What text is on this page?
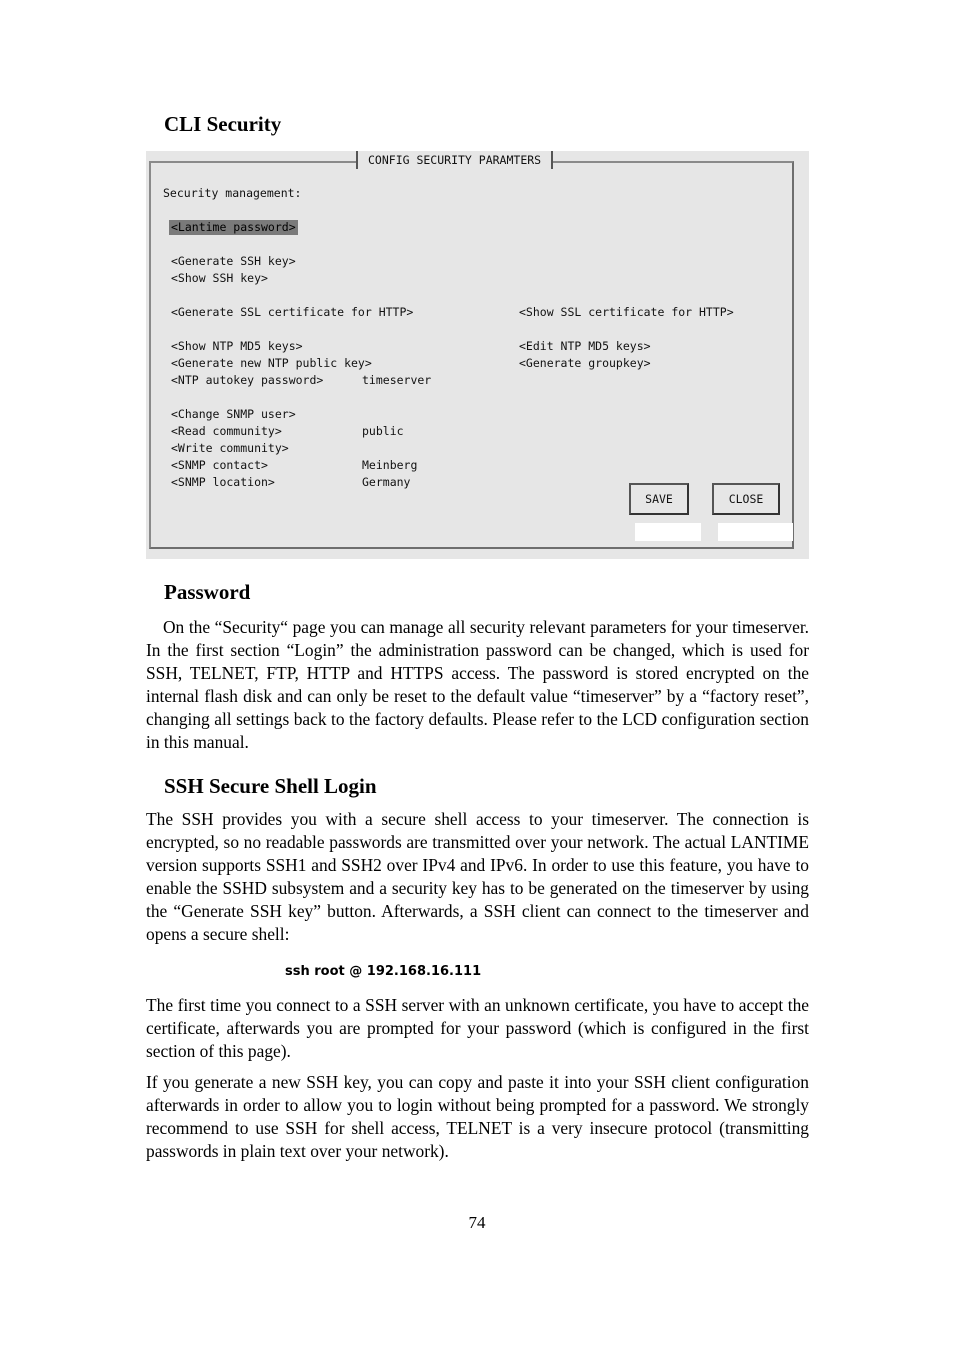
CLI Security
CONFIG SECURITY PARAMTERS
Security management:
<Lantime password>
<Generate SSH key>
<Show SSH key>
<Generate SSL certificate for HTTP>	<Show SSL certificate for HTTP>
<Show NTP MD5 keys>	<Edit NTP MD5 keys>
<Generate new NTP public key>	<Generate groupkey>
<NTP autokey password>	timeserver
<Change SNMP user>
<Read community>	public
<Write community>
<SNMP contact>	Meinberg
<SNMP location>	Germany
SAVE	CLOSE
Password

On the “Security“ page you can manage all security relevant parameters for your timeserver. In the first section “Login” the administration password can be changed, which is used for SSH, TELNET, FTP, HTTP and HTTPS access. The password is stored encrypted on the internal flash disk and can only be reset to the default value “timeserver” by a “factory reset”, changing all settings back to the factory defaults. Please refer to the LCD configuration section in this manual.

SSH Secure Shell Login

The SSH provides you with a secure shell access to your timeserver. The connection is encrypted, so no readable passwords are transmitted over your network. The actual LANTIME version supports SSH1 and SSH2 over IPv4 and IPv6. In order to use this feature, you have to enable the SSHD subsystem and a security key has to be generated on the timeserver by using the “Generate SSH key” button. Afterwards, a SSH client can connect to the timeserver and opens a secure shell:

ssh root @ 192.168.16.111

The first time you connect to a SSH server with an unknown certificate, you have to accept the certificate, afterwards you are prompted for your password (which is configured in the first section of this page).

If you generate a new SSH key, you can copy and paste it into your SSH client configuration afterwards in order to allow you to login without being prompted for a password. We strongly recommend to use SSH for shell access, TELNET is a very insecure protocol (transmitting passwords in plain text over your network).

74
